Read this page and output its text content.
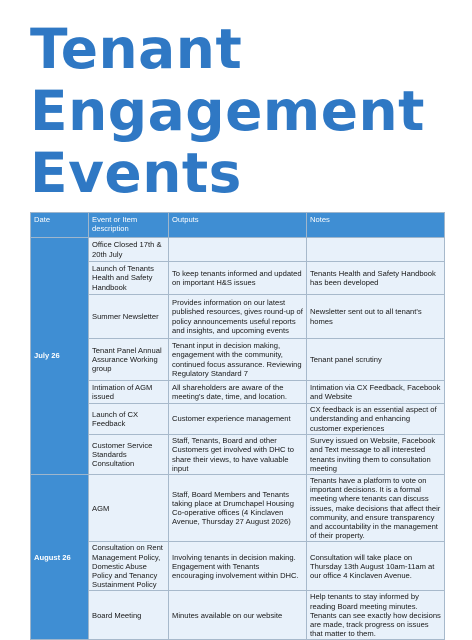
Tenant
Engagement
Events
Date	Event or Item description	Outputs	Notes
July 26	Office Closed 17th & 20th July		
	Launch of Tenants Health and Safety Handbook	To keep tenants informed and updated on important H&S issues	Tenants Health and Safety Handbook has been developed
	Summer Newsletter	Provides information on our latest published resources, gives round-up of policy announcements useful reports and insights, and upcoming events	Newsletter sent out to all tenant's homes
	Tenant Panel Annual Assurance Working group	Tenant input in decision making, engagement with the community, continued focus assurance. Reviewing Regulatory Standard 7	Tenant panel scrutiny
	Intimation of AGM issued	All shareholders are aware of the meeting's date, time, and location.	Intimation via CX Feedback, Facebook and Website
	Launch of CX Feedback	Customer experience management	CX feedback is an essential aspect of understanding and enhancing customer experiences
	Customer Service Standards Consultation	Staff, Tenants, Board and other Customers get involved with DHC to share their views, to have valuable input	Survey issued on Website, Facebook and Text message to all interested tenants inviting them to consultation meeting
August 26	AGM	Staff, Board Members and Tenants taking place at Drumchapel Housing Co-operative offices (4 Kinclaven Avenue, Thursday 27 August 2026)	Tenants have a platform to vote on important decisions. It is a formal meeting where tenants can discuss issues, make decisions that affect their community, and ensure transparency and accountability in the management of their property.
	Consultation on Rent Management Policy, Domestic Abuse Policy and Tenancy Sustainment Policy	Involving tenants in decision making. Engagement with Tenants encouraging involvement within DHC.	Consultation will take place on Thursday 13th August 10am-11am at our office 4 Kinclaven Avenue.
	Board Meeting	Minutes available on our website	Help tenants to stay informed by reading Board meeting minutes. Tenants can see exactly how decisions are made, track progress on issues that matter to them.
